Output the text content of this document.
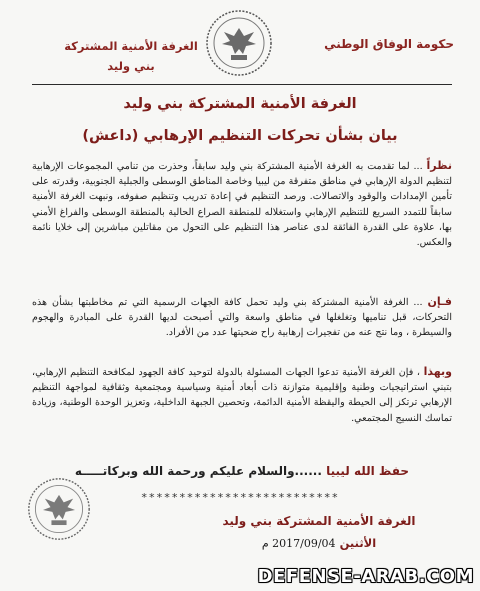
حكومة الوفاق الوطني
الغرفة الأمنية المشتركة
بني وليد
الغرفة الأمنية المشتركة بني وليد
بيان بشأن تحركات التنظيم الإرهابي (داعش)
نظراً ... لما تقدمت به الغرفة الأمنية المشتركة بني وليد سابقاً، وحذرت من تنامي المجموعات الإرهابية لتنظيم الدولة الإرهابي في مناطق متفرقة من ليبيا وخاصة المناطق الوسطى والجبلية الجنوبية، وقدرته على تأمين الإمدادات والوقود والاتصالات. ورصد التنظيم في إعادة تدريب وتنظيم صفوفه، ونبهت الغرفة الأمنية سابقاً للتمدد السريع للتنظيم الإرهابي واستغلاله للمنطقة الصراع الحالية بالمنطقة الوسطى والفراغ الأمني بها، علاوة على القدرة الفائقة لدى عناصر هذا التنظيم على التحول من مقاتلين مباشرين إلى خلايا نائمة والعكس.
فـإن ... الغرفة الأمنية المشتركة بني وليد تحمل كافة الجهات الرسمية التي تم مخاطبتها بشأن هذه التحركات، قبل تناميها وتغلغلها في مناطق واسعة والتي أصبحت لديها القدرة على المبادرة والهجوم والسيطرة ، وما نتج عنه من تفجيرات إرهابية راح ضحيتها عدد من الأفراد.
وبهذا ، فإن الغرفة الأمنية تدعوا الجهات المسئولة بالدولة لتوحيد كافة الجهود لمكافحة التنظيم الإرهابي، بتبني استراتيجيات وطنية وإقليمية متوازنة ذات أبعاد أمنية وسياسية ومجتمعية وثقافية لمواجهة التنظيم الإرهابي ترتكز إلى الحيطة واليقظة الأمنية الدائمة، وتحصين الجبهة الداخلية، وتعزيز الوحدة الوطنية، وزيادة تماسك النسيج المجتمعي.
حفظ الله ليبيا ......والسلام عليكم ورحمة الله وبركاتـــــه
**************************
الغرفة الأمنية المشتركة بني وليد
الأثنين 2017/09/04 م
DEFENSE-ARAB.COM
